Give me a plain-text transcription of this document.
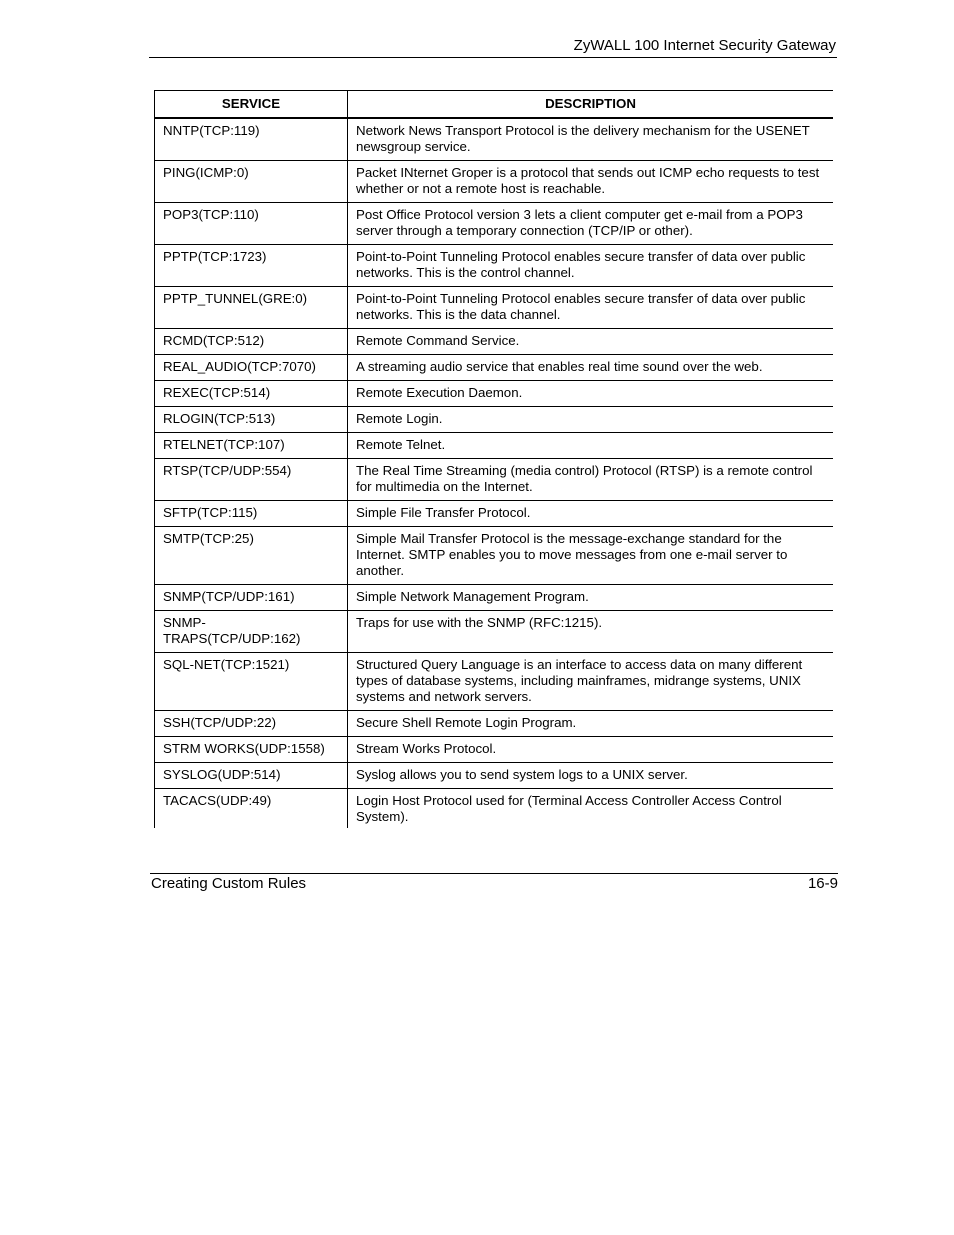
ZyWALL 100 Internet Security Gateway
SERVICE	DESCRIPTION
NNTP(TCP:119)	Network News Transport Protocol is the delivery mechanism for the USENET newsgroup service.
PING(ICMP:0)	Packet INternet Groper is a protocol that sends out ICMP echo requests to test whether or not a remote host is reachable.
POP3(TCP:110)	Post Office Protocol version 3 lets a client computer get e-mail from a POP3 server through a temporary connection (TCP/IP or other).
PPTP(TCP:1723)	Point-to-Point Tunneling Protocol enables secure transfer of data over public networks. This is the control channel.
PPTP_TUNNEL(GRE:0)	Point-to-Point Tunneling Protocol enables secure transfer of data over public networks. This is the data channel.
RCMD(TCP:512)	Remote Command Service.
REAL_AUDIO(TCP:7070)	A streaming audio service that enables real time sound over the web.
REXEC(TCP:514)	Remote Execution Daemon.
RLOGIN(TCP:513)	Remote Login.
RTELNET(TCP:107)	Remote Telnet.
RTSP(TCP/UDP:554)	The Real Time Streaming (media control) Protocol (RTSP) is a remote control for multimedia on the Internet.
SFTP(TCP:115)	Simple File Transfer Protocol.
SMTP(TCP:25)	Simple Mail Transfer Protocol is the message-exchange standard for the Internet. SMTP enables you to move messages from one e-mail server to another.
SNMP(TCP/UDP:161)	Simple Network Management Program.
SNMP-TRAPS(TCP/UDP:162)	Traps for use with the SNMP (RFC:1215).
SQL-NET(TCP:1521)	Structured Query Language is an interface to access data on many different types of database systems, including mainframes, midrange systems, UNIX systems and network servers.
SSH(TCP/UDP:22)	Secure Shell Remote Login Program.
STRM WORKS(UDP:1558)	Stream Works Protocol.
SYSLOG(UDP:514)	Syslog allows you to send system logs to a UNIX server.
TACACS(UDP:49)	Login Host Protocol used for (Terminal Access Controller Access Control System).
Creating Custom Rules	16-9
